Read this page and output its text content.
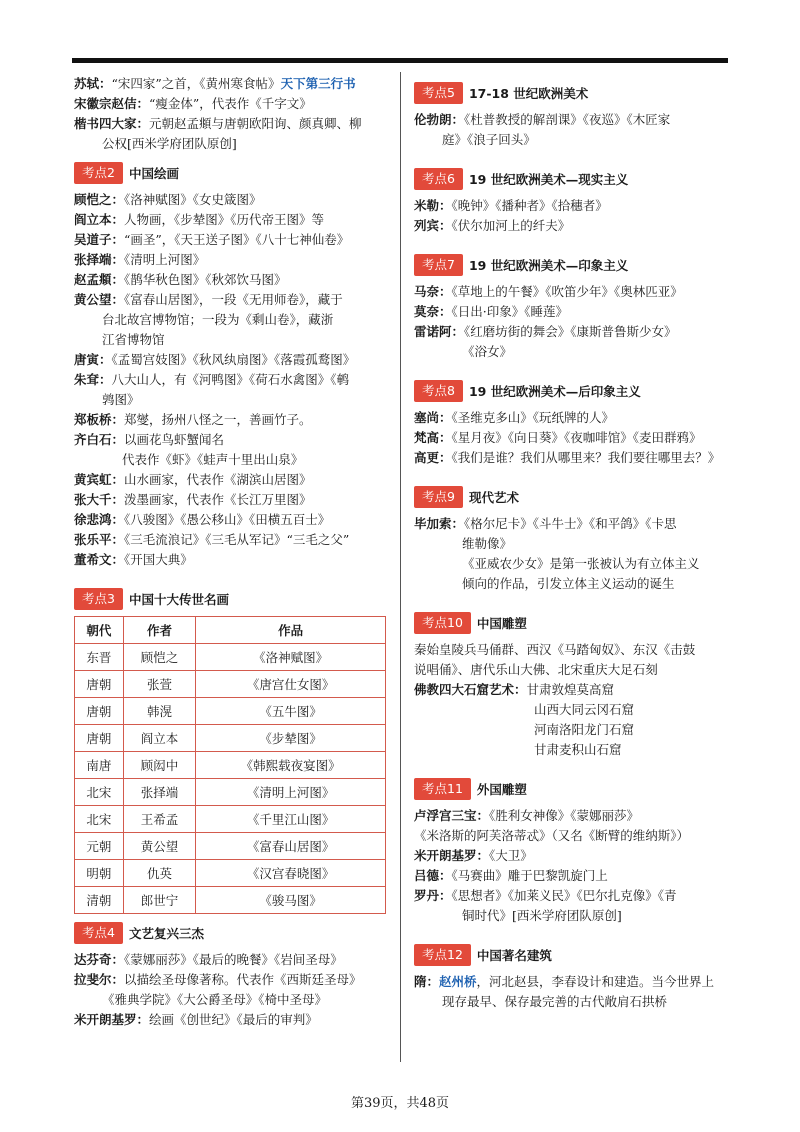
苏轼：“宋四家”之首，《黄州寒食帖》天下第三行书
宋徽宗赵佶：“瘦金体”，代表作《千字文》
楷书四大家：元朝赵孟頫与唐朝欧阳询、颜真卿、柳
公权[西米学府团队原创]
考点2	中国绘画
顾恺之：《洛神赋图》《女史箴图》
阎立本：人物画，《步辇图》《历代帝王图》等
吴道子：“画圣”，《天王送子图》《八十七神仙卷》
张择端：《清明上河图》
赵孟頫：《鹊华秋色图》《秋郊饮马图》
黄公望：《富春山居图》，一段《无用师卷》，藏于
台北故宫博物馆；一段为《剩山卷》，藏浙
江省博物馆
唐寅：《孟蜀宫妓图》《秋风纨扇图》《落霞孤鹜图》
朱耷：八大山人，有《河鸭图》《荷石水禽图》《鹌
鹑图》
郑板桥：郑燮，扬州八怪之一，善画竹子。
齐白石：以画花鸟虾蟹闻名
代表作《虾》《蛙声十里出山泉》
黄宾虹：山水画家，代表作《湖滨山居图》
张大千：泼墨画家，代表作《长江万里图》
徐悲鸿：《八骏图》《愚公移山》《田横五百士》
张乐平：《三毛流浪记》《三毛从军记》“三毛之父”
董希文：《开国大典》
考点3	中国十大传世名画
朝代	作者	作品
东晋	顾恺之	《洛神赋图》
唐朝	张萱	《唐宫仕女图》
唐朝	韩滉	《五牛图》
唐朝	阎立本	《步辇图》
南唐	顾闳中	《韩熙载夜宴图》
北宋	张择端	《清明上河图》
北宋	王希孟	《千里江山图》
元朝	黄公望	《富春山居图》
明朝	仇英	《汉宫春晓图》
清朝	郎世宁	《骏马图》
考点4	文艺复兴三杰
达芬奇：《蒙娜丽莎》《最后的晚餐》《岩间圣母》
拉斐尔：以描绘圣母像著称。代表作《西斯廷圣母》
《雅典学院》《大公爵圣母》《椅中圣母》
米开朗基罗：绘画《创世纪》《最后的审判》
考点5	17-18 世纪欧洲美术
伦勃朗：《杜普教授的解剖课》《夜巡》《木匠家
庭》《浪子回头》
考点6	19 世纪欧洲美术—现实主义
米勒：《晚钟》《播种者》《拾穗者》
列宾：《伏尔加河上的纤夫》
考点7	19 世纪欧洲美术—印象主义
马奈：《草地上的午餐》《吹笛少年》《奥林匹亚》
莫奈：《日出·印象》《睡莲》
雷诺阿：《红磨坊街的舞会》《康斯普鲁斯少女》
《浴女》
考点8	19 世纪欧洲美术—后印象主义
塞尚：《圣维克多山》《玩纸牌的人》
梵高：《星月夜》《向日葵》《夜咖啡馆》《麦田群鸦》
高更：《我们是谁？我们从哪里来？我们要往哪里去？》
考点9	现代艺术
毕加索：《格尔尼卡》《斗牛士》《和平鸽》《卡思
维勒像》
《亚威农少女》是第一张被认为有立体主义
倾向的作品，引发立体主义运动的诞生
考点10	中国雕塑
秦始皇陵兵马俑群、西汉《马踏匈奴》、东汉《击鼓
说唱俑》、唐代乐山大佛、北宋重庆大足石刻
佛教四大石窟艺术：甘肃敦煌莫高窟
山西大同云冈石窟
河南洛阳龙门石窟
甘肃麦积山石窟
考点11	外国雕塑
卢浮宫三宝：《胜利女神像》《蒙娜丽莎》
《米洛斯的阿芙洛蒂忒》（又名《断臂的维纳斯》）
米开朗基罗：《大卫》
吕德：《马赛曲》雕于巴黎凯旋门上
罗丹：《思想者》《加莱义民》《巴尔扎克像》《青
铜时代》[西米学府团队原创]
考点12	中国著名建筑
隋：赵州桥，河北赵县，李春设计和建造。当今世界上
现存最早、保存最完善的古代敞肩石拱桥
第39页，共48页
